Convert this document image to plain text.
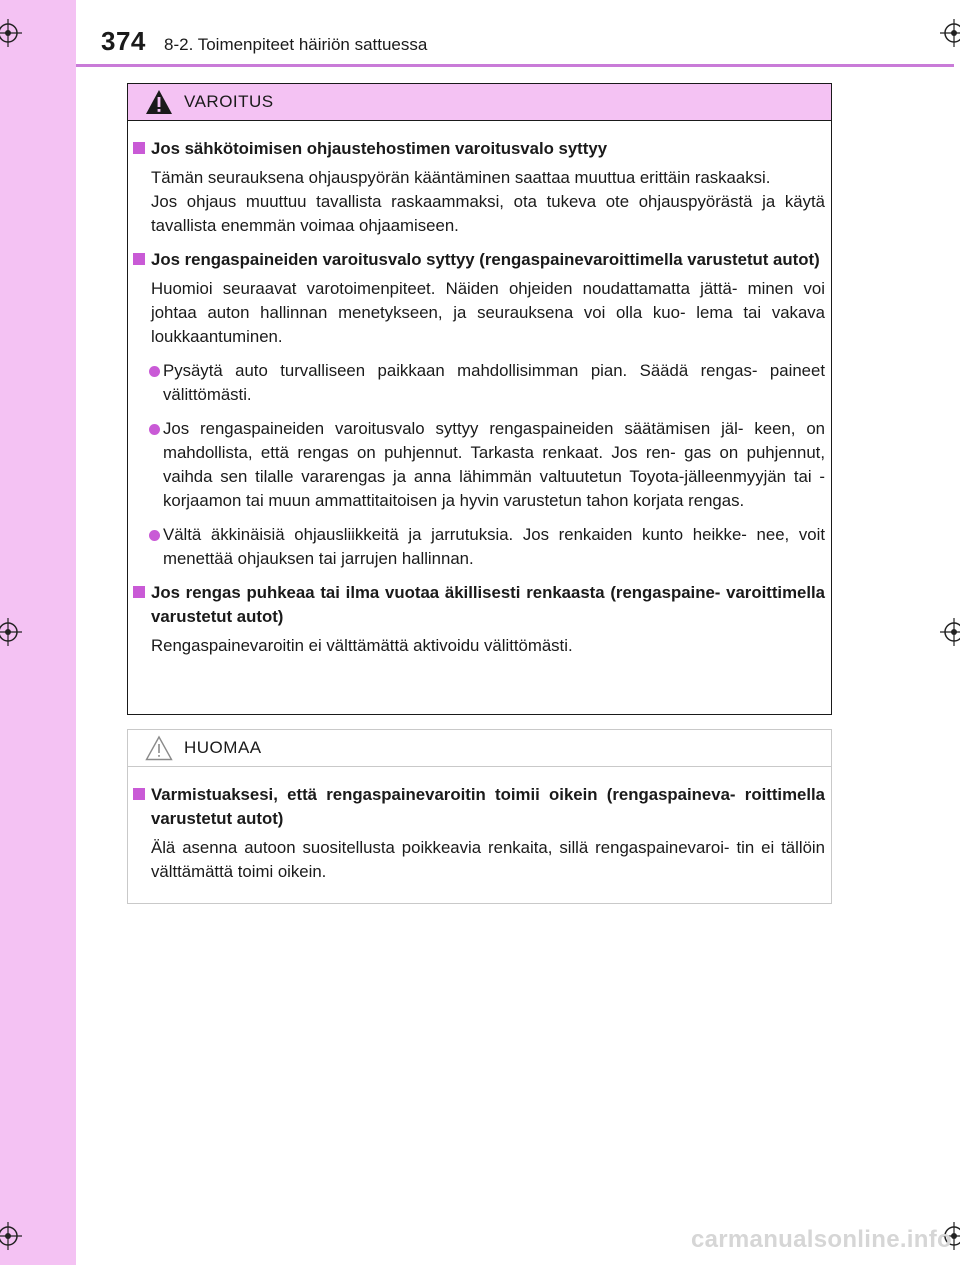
374 8-2. Toimenpiteet häiriön sattuessa
VAROITUS
Jos sähkötoimisen ohjaustehostimen varoitusvalo syttyy
Tämän seurauksena ohjauspyörän kääntäminen saattaa muuttua erittäin raskaaksi.
Jos ohjaus muuttuu tavallista raskaammaksi, ota tukeva ote ohjauspyörästä ja käytä tavallista enemmän voimaa ohjaamiseen.
Jos rengaspaineiden varoitusvalo syttyy (rengaspainevaroittimella varustetut autot)
Huomioi seuraavat varotoimenpiteet. Näiden ohjeiden noudattamatta jättä- minen voi johtaa auton hallinnan menetykseen, ja seurauksena voi olla kuo- lema tai vakava loukkaantuminen.
Pysäytä auto turvalliseen paikkaan mahdollisimman pian. Säädä rengas- paineet välittömästi.
Jos rengaspaineiden varoitusvalo syttyy rengaspaineiden säätämisen jäl- keen, on mahdollista, että rengas on puhjennut. Tarkasta renkaat. Jos ren- gas on puhjennut, vaihda sen tilalle vararengas ja anna lähimmän valtuutetun Toyota-jälleenmyyjän tai -korjaamon tai muun ammattitaitoisen ja hyvin varustetun tahon korjata rengas.
Vältä äkkinäisiä ohjausliikkeitä ja jarrutuksia. Jos renkaiden kunto heikke- nee, voit menettää ohjauksen tai jarrujen hallinnan.
Jos rengas puhkeaa tai ilma vuotaa äkillisesti renkaasta (rengaspaine- varoittimella varustetut autot)
Rengaspainevaroitin ei välttämättä aktivoidu välittömästi.
HUOMAA
Varmistuaksesi, että rengaspainevaroitin toimii oikein (rengaspaineva- roittimella varustetut autot)
Älä asenna autoon suositellusta poikkeavia renkaita, sillä rengaspainevaroi- tin ei tällöin välttämättä toimi oikein.
carmanualsonline.info
